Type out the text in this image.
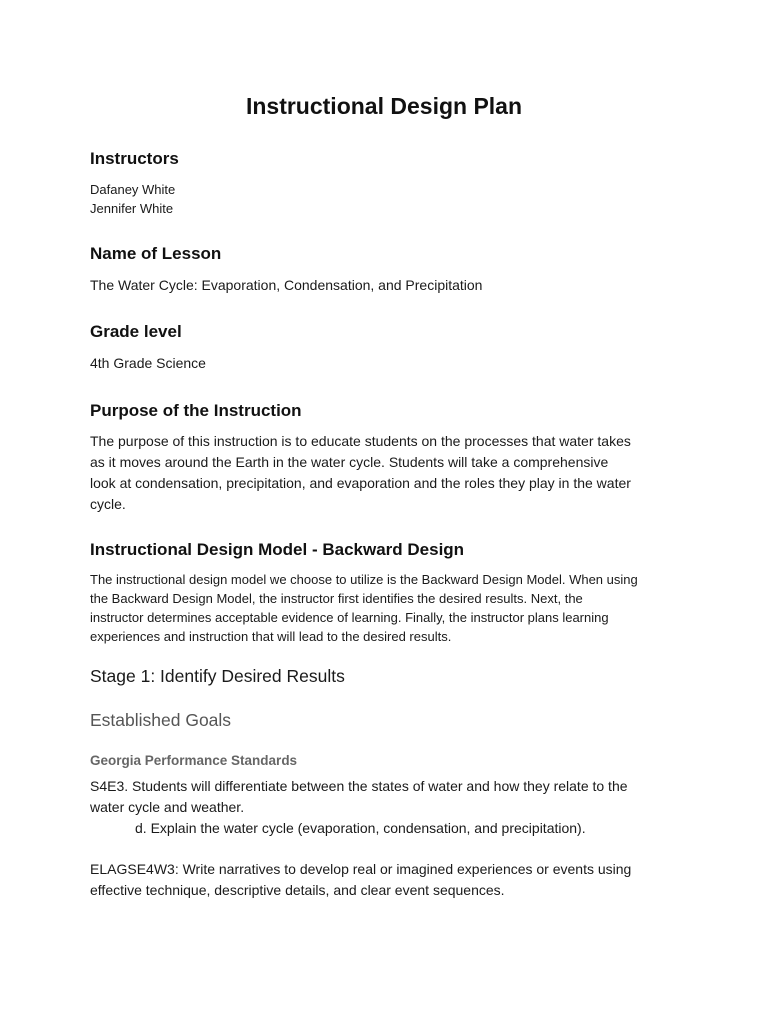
Instructional Design Plan
Instructors
Dafaney White
Jennifer White
Name of Lesson

The Water Cycle: Evaporation, Condensation, and Precipitation

Grade level

4th Grade Science

Purpose of the Instruction
The purpose of this instruction is to educate students on the processes that water takes
as it moves around the Earth in the water cycle. Students will take a comprehensive
look at condensation, precipitation, and evaporation and the roles they play in the water
cycle.
Instructional Design Model - Backward Design
The instructional design model we choose to utilize is the Backward Design Model. When using
the Backward Design Model, the instructor first identifies the desired results. Next, the
instructor determines acceptable evidence of learning. Finally, the instructor plans learning
experiences and instruction that will lead to the desired results.
Stage 1: Identify Desired Results
Established Goals
Georgia Performance Standards
S4E3. Students will differentiate between the states of water and how they relate to the
water cycle and weather.
d. Explain the water cycle (evaporation, condensation, and precipitation).
ELAGSE4W3: Write narratives to develop real or imagined experiences or events using
effective technique, descriptive details, and clear event sequences.
